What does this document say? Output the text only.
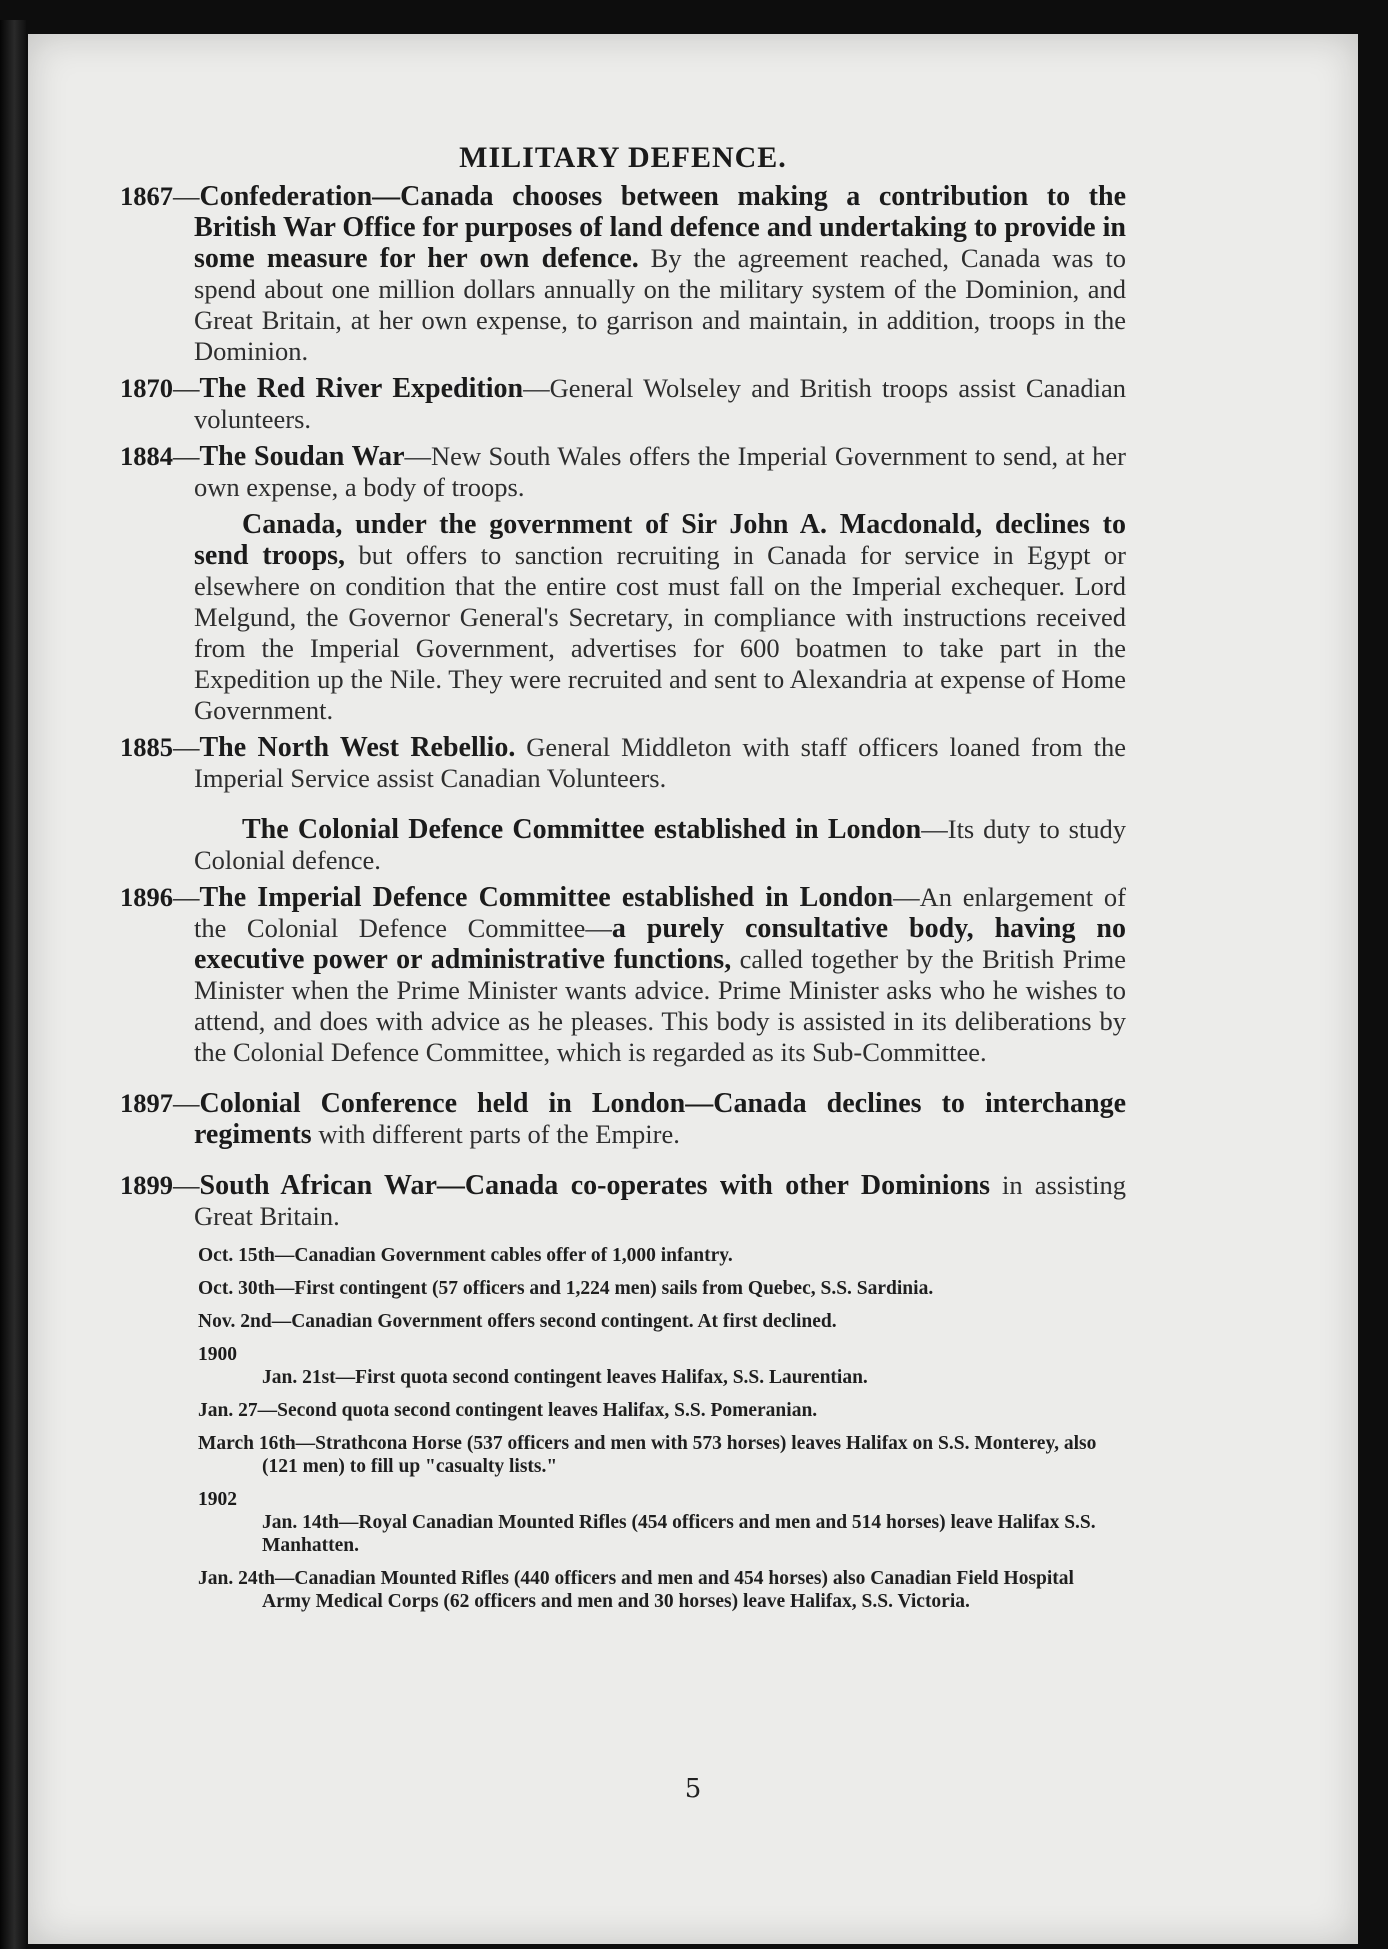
MILITARY DEFENCE.

1867—Confederation—Canada chooses between making a contribution to the British War Office for purposes of land defence and undertaking to provide in some measure for her own defence. By the agreement reached, Canada was to spend about one million dollars annually on the military system of the Dominion, and Great Britain, at her own expense, to garrison and maintain, in addition, troops in the Dominion.

1870—The Red River Expedition—General Wolseley and British troops assist Canadian volunteers.

1884—The Soudan War—New South Wales offers the Imperial Government to send, at her own expense, a body of troops.

Canada, under the government of Sir John A. Macdonald, declines to send troops, but offers to sanction recruiting in Canada for service in Egypt or elsewhere on condition that the entire cost must fall on the Imperial exchequer. Lord Melgund, the Governor General's Secretary, in compliance with instructions received from the Imperial Government, advertises for 600 boatmen to take part in the Expedition up the Nile. They were recruited and sent to Alexandria at expense of Home Government.

1885—The North West Rebellio. General Middleton with staff officers loaned from the Imperial Service assist Canadian Volunteers.

The Colonial Defence Committee established in London—Its duty to study Colonial defence.

1896—The Imperial Defence Committee established in London—An enlargement of the Colonial Defence Committee—a purely consultative body, having no executive power or administrative functions, called together by the British Prime Minister when the Prime Minister wants advice. Prime Minister asks who he wishes to attend, and does with advice as he pleases. This body is assisted in its deliberations by the Colonial Defence Committee, which is regarded as its Sub-Committee.

1897—Colonial Conference held in London—Canada declines to interchange regiments with different parts of the Empire.

1899—South African War—Canada co-operates with other Dominions in assisting Great Britain.

Oct. 15th—Canadian Government cables offer of 1,000 infantry.

Oct. 30th—First contingent (57 officers and 1,224 men) sails from Quebec, S.S. Sardinia.

Nov. 2nd—Canadian Government offers second contingent. At first declined.

1900
Jan. 21st—First quota second contingent leaves Halifax, S.S. Laurentian.

Jan. 27—Second quota second contingent leaves Halifax, S.S. Pomeranian.

March 16th—Strathcona Horse (537 officers and men with 573 horses) leaves Halifax on S.S. Monterey, also (121 men) to fill up "casualty lists."

1902
Jan. 14th—Royal Canadian Mounted Rifles (454 officers and men and 514 horses) leave Halifax S.S. Manhatten.

Jan. 24th—Canadian Mounted Rifles (440 officers and men and 454 horses) also Canadian Field Hospital Army Medical Corps (62 officers and men and 30 horses) leave Halifax, S.S. Victoria.

5
